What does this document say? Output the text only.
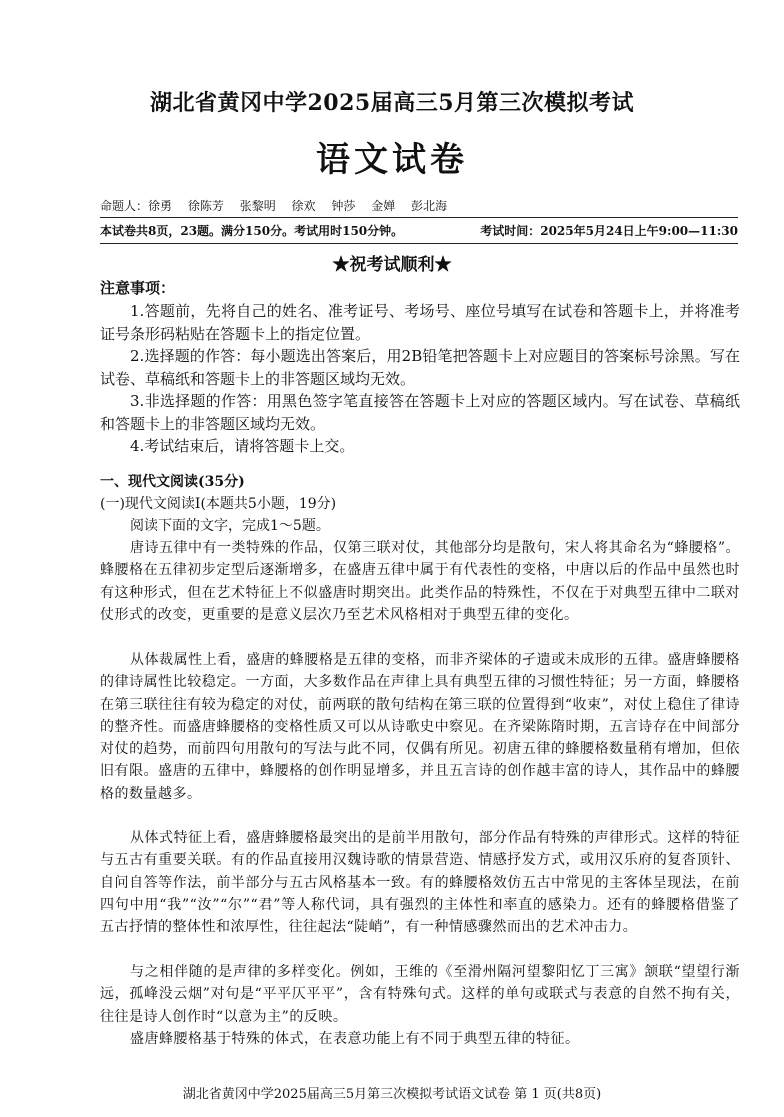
湖北省黄冈中学2025届高三5月第三次模拟考试
语文试卷
命题人：徐勇 徐陈芳 张黎明 徐欢 钟莎 金婵 彭北海
本试卷共8页，23题。满分150分。考试用时150分钟。	考试时间：2025年5月24日上午9:00—11:30
★祝考试顺利★
注意事项：
1.答题前，先将自己的姓名、准考证号、考场号、座位号填写在试卷和答题卡上，并将准考证号条形码粘贴在答题卡上的指定位置。
2.选择题的作答：每小题选出答案后，用2B铅笔把答题卡上对应题目的答案标号涂黑。写在试卷、草稿纸和答题卡上的非答题区域均无效。
3.非选择题的作答：用黑色签字笔直接答在答题卡上对应的答题区域内。写在试卷、草稿纸和答题卡上的非答题区域均无效。
4.考试结束后，请将答题卡上交。
一、现代文阅读(35分)
(一)现代文阅读Ⅰ(本题共5小题，19分)
阅读下面的文字，完成1～5题。
唐诗五律中有一类特殊的作品，仅第三联对仗，其他部分均是散句，宋人将其命名为“蜂腰格”。蜂腰格在五律初步定型后逐渐增多，在盛唐五律中属于有代表性的变格，中唐以后的作品中虽然也时有这种形式，但在艺术特征上不似盛唐时期突出。此类作品的特殊性，不仅在于对典型五律中二联对仗形式的改变，更重要的是意义层次乃至艺术风格相对于典型五律的变化。
从体裁属性上看，盛唐的蜂腰格是五律的变格，而非齐梁体的孑遗或未成形的五律。盛唐蜂腰格的律诗属性比较稳定。一方面，大多数作品在声律上具有典型五律的习惯性特征；另一方面，蜂腰格在第三联往往有较为稳定的对仗，前两联的散句结构在第三联的位置得到“收束”，对仗上稳住了律诗的整齐性。而盛唐蜂腰格的变格性质又可以从诗歌史中察见。在齐梁陈隋时期，五言诗存在中间部分对仗的趋势，而前四句用散句的写法与此不同，仅偶有所见。初唐五律的蜂腰格数量稍有增加，但依旧有限。盛唐的五律中，蜂腰格的创作明显增多，并且五言诗的创作越丰富的诗人，其作品中的蜂腰格的数量越多。
从体式特征上看，盛唐蜂腰格最突出的是前半用散句，部分作品有特殊的声律形式。这样的特征与五古有重要关联。有的作品直接用汉魏诗歌的情景营造、情感抒发方式，或用汉乐府的复沓顶针、自问自答等作法，前半部分与五古风格基本一致。有的蜂腰格效仿五古中常见的主客体呈现法，在前四句中用“我”“汝”“尔”“君”等人称代词，具有强烈的主体性和率直的感染力。还有的蜂腰格借鉴了五古抒情的整体性和浓厚性，往往起法“陡峭”，有一种情感骤然而出的艺术冲击力。
与之相伴随的是声律的多样变化。例如，王维的《至滑州隔河望黎阳忆丁三寓》颔联“望望行渐远，孤峰没云烟”对句是“平平仄平平”，含有特殊句式。这样的单句或联式与表意的自然不拘有关，往往是诗人创作时“以意为主”的反映。
盛唐蜂腰格基于特殊的体式，在表意功能上有不同于典型五律的特征。
湖北省黄冈中学2025届高三5月第三次模拟考试语文试卷 第 1 页(共8页)
